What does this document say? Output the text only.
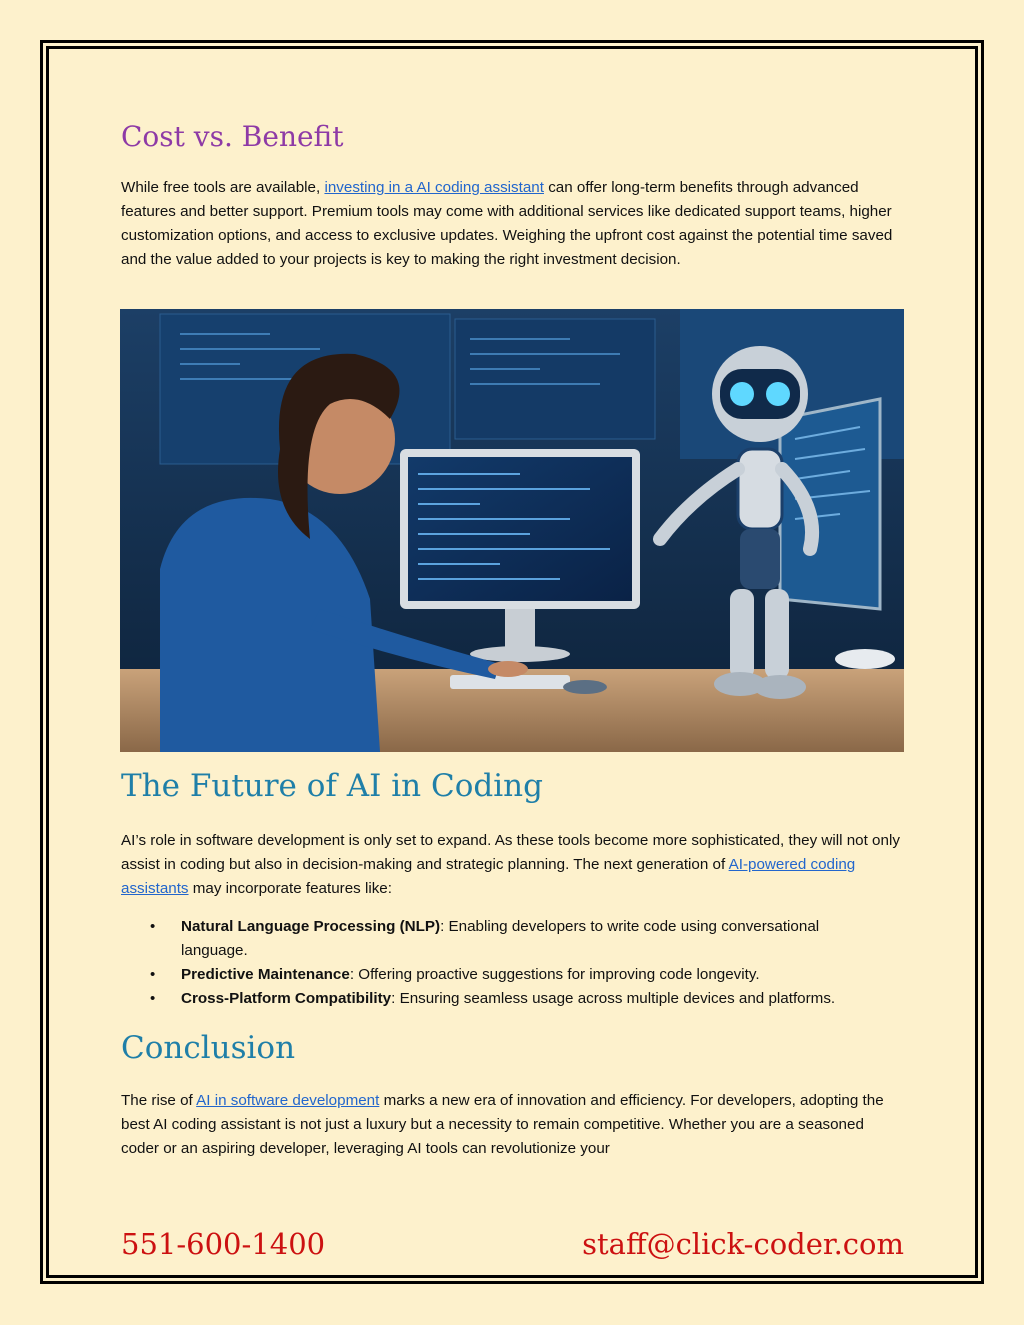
Cost vs. Benefit

While free tools are available, investing in a AI coding assistant can offer long-term benefits through advanced features and better support. Premium tools may come with additional services like dedicated support teams, higher customization options, and access to exclusive updates. Weighing the upfront cost against the potential time saved and the value added to your projects is key to making the right investment decision.

The Future of AI in Coding

AI’s role in software development is only set to expand. As these tools become more sophisticated, they will not only assist in coding but also in decision-making and strategic planning. The next generation of AI-powered coding assistants may incorporate features like:

• Natural Language Processing (NLP): Enabling developers to write code using conversational language.
• Predictive Maintenance: Offering proactive suggestions for improving code longevity.
• Cross-Platform Compatibility: Ensuring seamless usage across multiple devices and platforms.
Conclusion

The rise of AI in software development marks a new era of innovation and efficiency. For developers, adopting the best AI coding assistant is not just a luxury but a necessity to remain competitive. Whether you are a seasoned coder or an aspiring developer, leveraging AI tools can revolutionize your

551-600-1400	staff@click-coder.com
